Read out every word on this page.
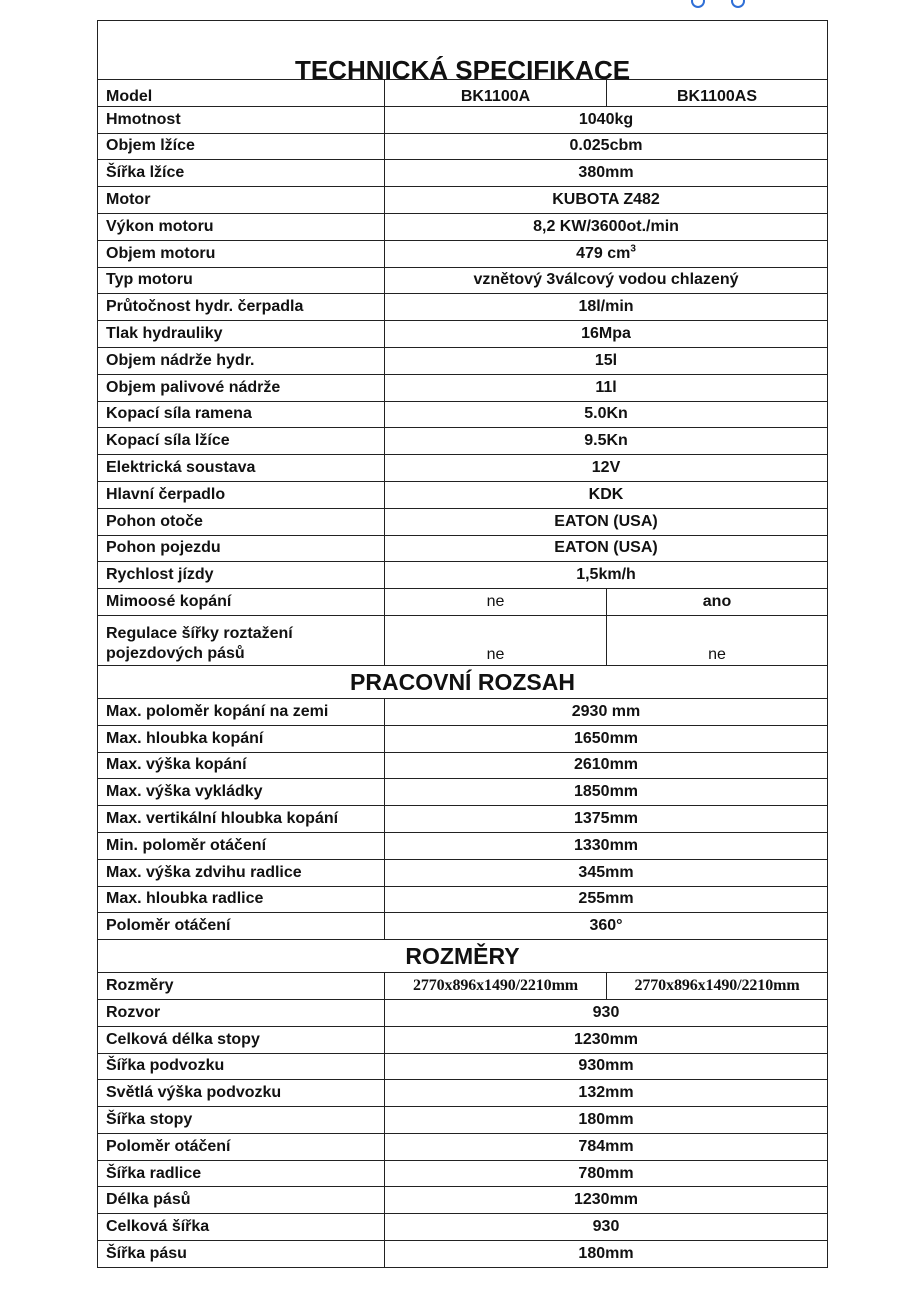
TECHNICKÁ SPECIFIKACE		
Model	BK1100A	BK1100AS
Hmotnost	1040kg	
Objem lžíce	0.025cbm	
Šířka lžíce	380mm	
Motor	KUBOTA Z482	
Výkon motoru	8,2 KW/3600ot./min	
Objem motoru	479 $cm^3$
Typ motoru	vznětový 3válcový vodou chlazený	
Průtočnost hydr. čerpadla	18l/min	
Tlak hydrauliky	16Mpa	
Objem nádrže hydr.	15l	
Objem palivové nádrže	11l	
Kopací síla ramena	5.0Kn	
Kopací síla lžíce	9.5Kn	
Elektrická soustava	12V	
Hlavní čerpadlo	KDK	
Pohon otoče	EATON (USA)	
Pohon pojezdu	EATON (USA)	
Rychlost jízdy	1,5km/h	
Mimoosé kopání	ne	ano
Regulace šířky roztažení pojezdových pásů	ne	ne
PRACOVNÍ ROZSAH		
Max. poloměr kopání na zemi	2930 mm	
Max. hloubka kopání	1650mm	
Max. výška kopání	2610mm	
Max. výška vykládky	1850mm	
Max. vertikální hloubka kopání	1375mm	
Min. poloměr otáčení	1330mm	
Max. výška zdvihu radlice	345mm	
Max. hloubka radlice	255mm	
Poloměr otáčení	360°	
ROZMĚRY		
Rozměry	2770x896x1490/2210mm	2770x896x1490/2210mm
Rozvor	930	
Celková délka stopy	1230mm	
Šířka podvozku	930mm	
Světlá výška podvozku	132mm	
Šířka stopy	180mm	
Poloměr otáčení	784mm	
Šířka radlice	780mm	
Délka pásů	1230mm	
Celková šířka	930	
Šířka pásu	180mm	
